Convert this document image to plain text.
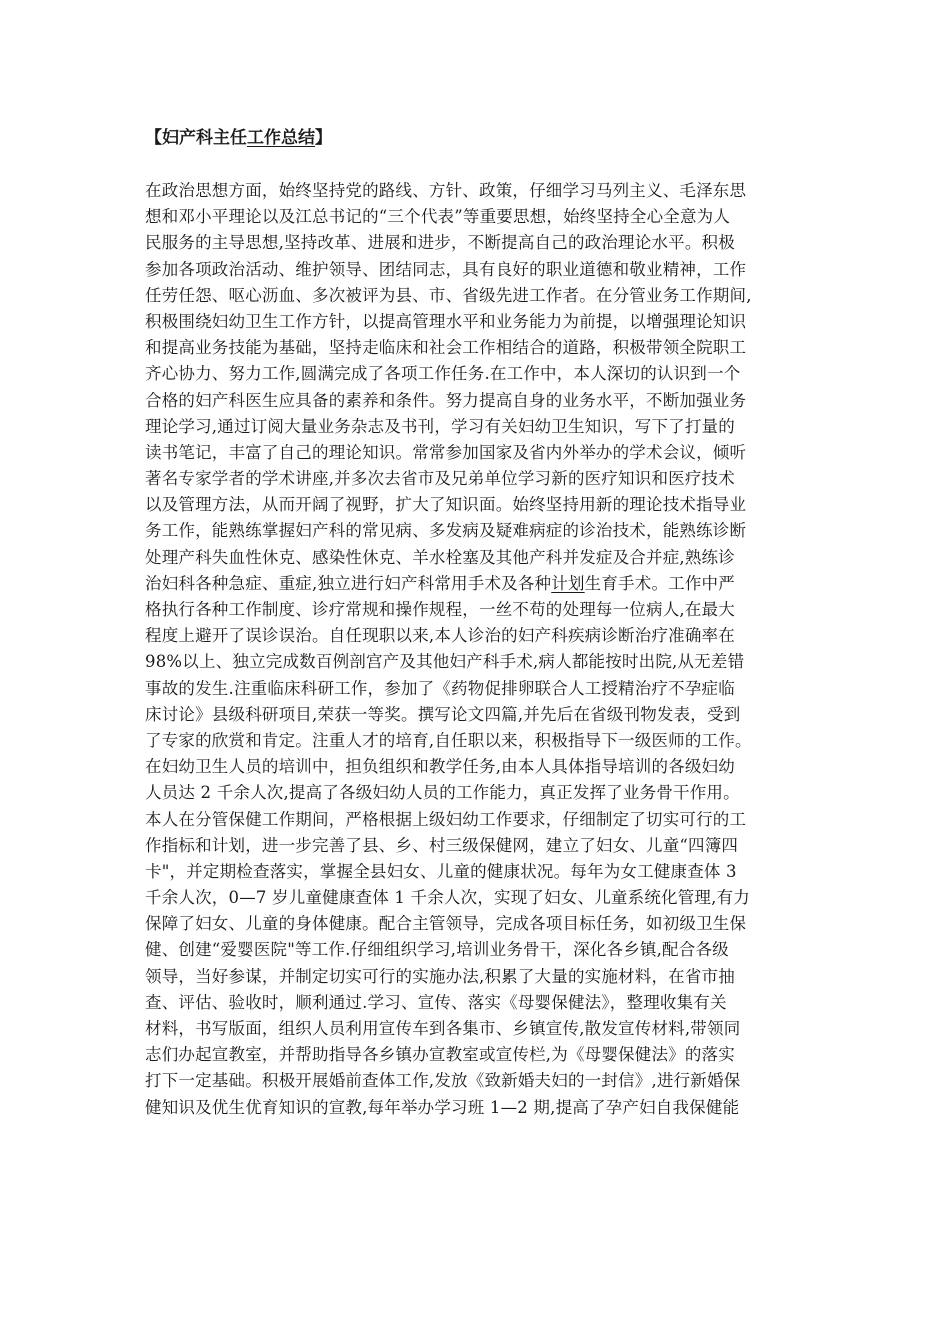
【妇产科主任工作总结】
在政治思想方面，始终坚持党的路线、方针、政策，仔细学习马列主义、毛泽东思
想和邓小平理论以及江总书记的“三个代表”等重要思想，始终坚持全心全意为人
民服务的主导思想,坚持改革、进展和进步，不断提高自己的政治理论水平。积极
参加各项政治活动、维护领导、团结同志，具有良好的职业道德和敬业精神，工作
任劳任怨、呕心沥血、多次被评为县、市、省级先进工作者。在分管业务工作期间,
积极围绕妇幼卫生工作方针，以提高管理水平和业务能力为前提，以增强理论知识
和提高业务技能为基础，坚持走临床和社会工作相结合的道路，积极带领全院职工
齐心协力、努力工作,圆满完成了各项工作任务.在工作中，本人深切的认识到一个
合格的妇产科医生应具备的素养和条件。努力提高自身的业务水平，不断加强业务
理论学习,通过订阅大量业务杂志及书刊，学习有关妇幼卫生知识，写下了打量的
读书笔记，丰富了自己的理论知识。常常参加国家及省内外举办的学术会议，倾听
著名专家学者的学术讲座,并多次去省市及兄弟单位学习新的医疗知识和医疗技术
以及管理方法，从而开阔了视野，扩大了知识面。始终坚持用新的理论技术指导业
务工作，能熟练掌握妇产科的常见病、多发病及疑难病症的诊治技术，能熟练诊断
处理产科失血性休克、感染性休克、羊水栓塞及其他产科并发症及合并症,熟练诊
治妇科各种急症、重症,独立进行妇产科常用手术及各种计划生育手术。工作中严
格执行各种工作制度、诊疗常规和操作规程，一丝不苟的处理每一位病人,在最大
程度上避开了误诊误治。自任现职以来,本人诊治的妇产科疾病诊断治疗准确率在
98%以上、独立完成数百例剖宫产及其他妇产科手术,病人都能按时出院,从无差错
事故的发生.注重临床科研工作，参加了《药物促排卵联合人工授精治疗不孕症临
床讨论》县级科研项目,荣获一等奖。撰写论文四篇,并先后在省级刊物发表，受到
了专家的欣赏和肯定。注重人才的培育,自任职以来，积极指导下一级医师的工作。
在妇幼卫生人员的培训中，担负组织和教学任务,由本人具体指导培训的各级妇幼
人员达 2 千余人次,提高了各级妇幼人员的工作能力，真正发挥了业务骨干作用。
本人在分管保健工作期间，严格根据上级妇幼工作要求，仔细制定了切实可行的工
作指标和计划，进一步完善了县、乡、村三级保健网，建立了妇女、儿童“四簿四
卡"，并定期检查落实，掌握全县妇女、儿童的健康状况。每年为女工健康查体 3
千余人次，0—7 岁儿童健康查体 1 千余人次，实现了妇女、儿童系统化管理,有力
保障了妇女、儿童的身体健康。配合主管领导，完成各项目标任务，如初级卫生保
健、创建“爱婴医院"等工作.仔细组织学习,培训业务骨干，深化各乡镇,配合各级
领导，当好参谋，并制定切实可行的实施办法,积累了大量的实施材料，在省市抽
查、评估、验收时，顺利通过.学习、宣传、落实《母婴保健法》，整理收集有关
材料，书写版面，组织人员利用宣传车到各集市、乡镇宣传,散发宣传材料,带领同
志们办起宣教室，并帮助指导各乡镇办宣教室或宣传栏,为《母婴保健法》的落实
打下一定基础。积极开展婚前查体工作,发放《致新婚夫妇的一封信》,进行新婚保
健知识及优生优育知识的宣教,每年举办学习班 1—2 期,提高了孕产妇自我保健能
